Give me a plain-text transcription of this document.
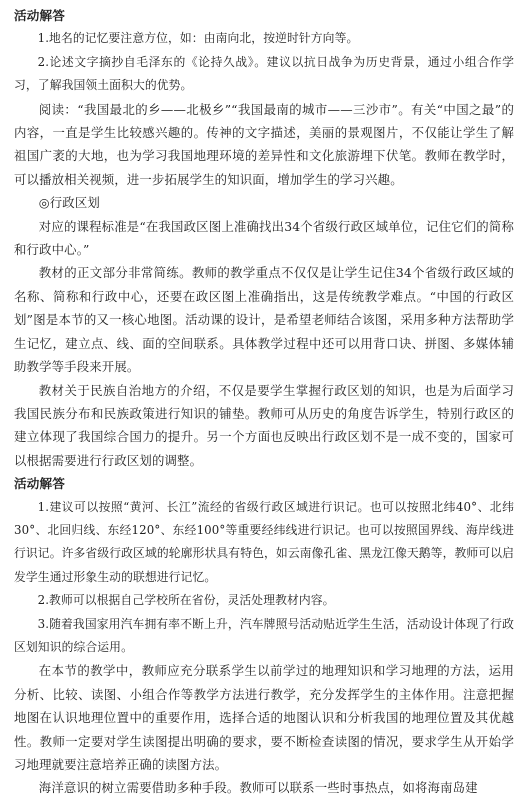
活动解答

1.地名的记忆要注意方位，如：由南向北，按逆时针方向等。

2.论述文字摘抄自毛泽东的《论持久战》。建议以抗日战争为历史背景，通过小组合作学习，了解我国领土面积大的优势。

阅读：“我国最北的乡——北极乡”“我国最南的城市——三沙市”。有关“中国之最”的内容，一直是学生比较感兴趣的。传神的文字描述，美丽的景观图片，不仅能让学生了解祖国广袤的大地，也为学习我国地理环境的差异性和文化旅游埋下伏笔。教师在教学时，可以播放相关视频，进一步拓展学生的知识面，增加学生的学习兴趣。

◎行政区划

对应的课程标准是“在我国政区图上准确找出34个省级行政区域单位，记住它们的简称和行政中心。”

教材的正文部分非常简练。教师的教学重点不仅仅是让学生记住34个省级行政区域的名称、简称和行政中心，还要在政区图上准确指出，这是传统教学难点。“中国的行政区划”图是本节的又一核心地图。活动课的设计，是希望老师结合该图，采用多种方法帮助学生记忆，建立点、线、面的空间联系。具体教学过程中还可以用背口诀、拼图、多媒体辅助教学等手段来开展。

教材关于民族自治地方的介绍，不仅是要学生掌握行政区划的知识，也是为后面学习我国民族分布和民族政策进行知识的铺垫。教师可从历史的角度告诉学生，特别行政区的建立体现了我国综合国力的提升。另一个方面也反映出行政区划不是一成不变的，国家可以根据需要进行行政区划的调整。

活动解答

1.建议可以按照“黄河、长江”流经的省级行政区域进行识记。也可以按照北纬40°、北纬30°、北回归线、东经120°、东经100°等重要经纬线进行识记。也可以按照国界线、海岸线进行识记。许多省级行政区域的轮廓形状具有特色，如云南像孔雀、黑龙江像天鹅等，教师可以启发学生通过形象生动的联想进行记忆。

2.教师可以根据自己学校所在省份，灵活处理教材内容。

3.随着我国家用汽车拥有率不断上升，汽车牌照号活动贴近学生生活，活动设计体现了行政区划知识的综合运用。

在本节的教学中，教师应充分联系学生以前学过的地理知识和学习地理的方法，运用分析、比较、读图、小组合作等教学方法进行教学，充分发挥学生的主体作用。注意把握地图在认识地理位置中的重要作用，选择合适的地图认识和分析我国的地理位置及其优越性。教师一定要对学生读图提出明确的要求，要不断检查读图的情况，要求学生从开始学习地理就要注意培养正确的读图方法。

海洋意识的树立需要借助多种手段。教师可以联系一些时事热点，如将海南岛建
